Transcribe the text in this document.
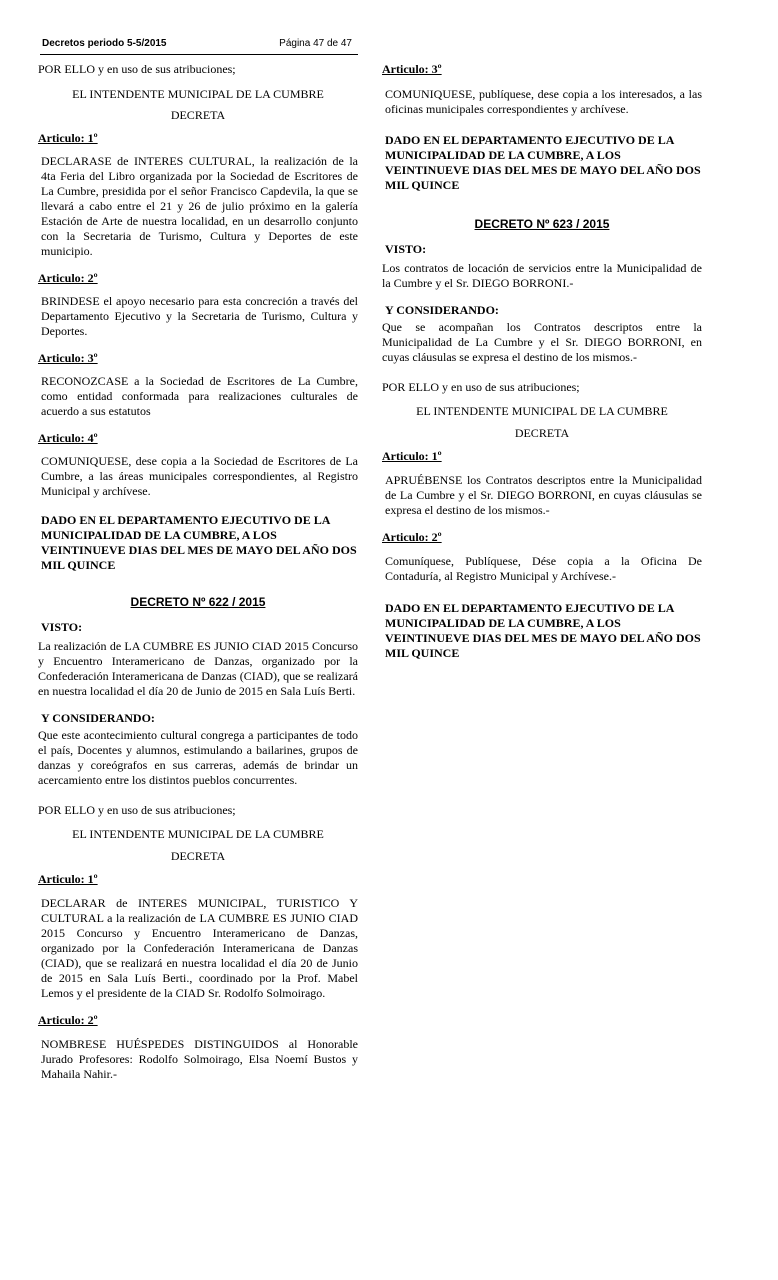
Decretos periodo 5-5/2015	Página 47 de 47

POR ELLO y en uso de sus atribuciones;

EL INTENDENTE MUNICIPAL DE LA CUMBRE

DECRETA

Articulo: 1º

DECLARASE de INTERES CULTURAL, la realización de la 4ta Feria del Libro organizada por la Sociedad de Escritores de La Cumbre, presidida por el señor Francisco Capdevila, la que se llevará a cabo entre el 21 y 26 de julio próximo en la galería Estación de Arte de nuestra localidad, en un desarrollo conjunto con la Secretaria de Turismo, Cultura y Deportes de este municipio.

Articulo: 2º

BRINDESE el apoyo necesario para esta concreción a través del Departamento Ejecutivo y la Secretaria de Turismo, Cultura y Deportes.

Articulo: 3º

RECONOZCASE a la Sociedad de Escritores de La Cumbre, como entidad conformada para realizaciones culturales de acuerdo a sus estatutos

Articulo: 4º

COMUNIQUESE, dese copia a la Sociedad de Escritores de La Cumbre, a las áreas municipales correspondientes, al Registro Municipal y archívese.

DADO EN EL DEPARTAMENTO EJECUTIVO DE LA MUNICIPALIDAD DE LA CUMBRE, A LOS VEINTINUEVE DIAS DEL MES DE MAYO DEL AÑO DOS MIL QUINCE

DECRETO Nº 622 / 2015

VISTO:

La realización de LA CUMBRE ES JUNIO CIAD 2015 Concurso y Encuentro Interamericano de Danzas, organizado por la Confederación Interamericana de Danzas (CIAD), que se realizará en nuestra localidad el día 20 de Junio de 2015 en Sala Luís Berti.

Y CONSIDERANDO:

Que este acontecimiento cultural congrega a participantes de todo el país, Docentes y alumnos, estimulando a bailarines, grupos de danzas y coreógrafos en sus carreras, además de brindar un acercamiento entre los distintos pueblos concurrentes.

POR ELLO y en uso de sus atribuciones;

EL INTENDENTE MUNICIPAL DE LA CUMBRE

DECRETA

Articulo: 1º

DECLARAR de INTERES MUNICIPAL, TURISTICO Y CULTURAL a la realización de LA CUMBRE ES JUNIO CIAD 2015 Concurso y Encuentro Interamericano de Danzas, organizado por la Confederación Interamericana de Danzas (CIAD), que se realizará en nuestra localidad el día 20 de Junio de 2015 en Sala Luís Berti., coordinado por la Prof. Mabel Lemos y el presidente de la CIAD Sr. Rodolfo Solmoirago.

Articulo: 2º

NOMBRESE HUÉSPEDES DISTINGUIDOS al Honorable Jurado Profesores: Rodolfo Solmoirago, Elsa Noemí Bustos y Mahaila Nahir.-

Articulo: 3º

COMUNIQUESE, publíquese, dese copia a los interesados, a las oficinas municipales correspondientes y archívese.

DADO EN EL DEPARTAMENTO EJECUTIVO DE LA MUNICIPALIDAD DE LA CUMBRE, A LOS VEINTINUEVE DIAS DEL MES DE MAYO DEL AÑO DOS MIL QUINCE

DECRETO Nº 623 / 2015

VISTO:

Los contratos de locación de servicios entre la Municipalidad de la Cumbre y el Sr. DIEGO BORRONI.-

Y CONSIDERANDO:

Que se acompañan los Contratos descriptos entre la Municipalidad de La Cumbre y el Sr. DIEGO BORRONI, en cuyas cláusulas se expresa el destino de los mismos.-

POR ELLO y en uso de sus atribuciones;

EL INTENDENTE MUNICIPAL DE LA CUMBRE

DECRETA

Articulo: 1º

APRUÉBENSE los Contratos descriptos entre la Municipalidad de La Cumbre y el Sr. DIEGO BORRONI, en cuyas cláusulas se expresa el destino de los mismos.-

Articulo: 2º

Comuníquese, Publíquese, Dése copia a la Oficina De Contaduría, al Registro Municipal y Archívese.-

DADO EN EL DEPARTAMENTO EJECUTIVO DE LA MUNICIPALIDAD DE LA CUMBRE, A LOS VEINTINUEVE DIAS DEL MES DE MAYO DEL AÑO DOS MIL QUINCE
